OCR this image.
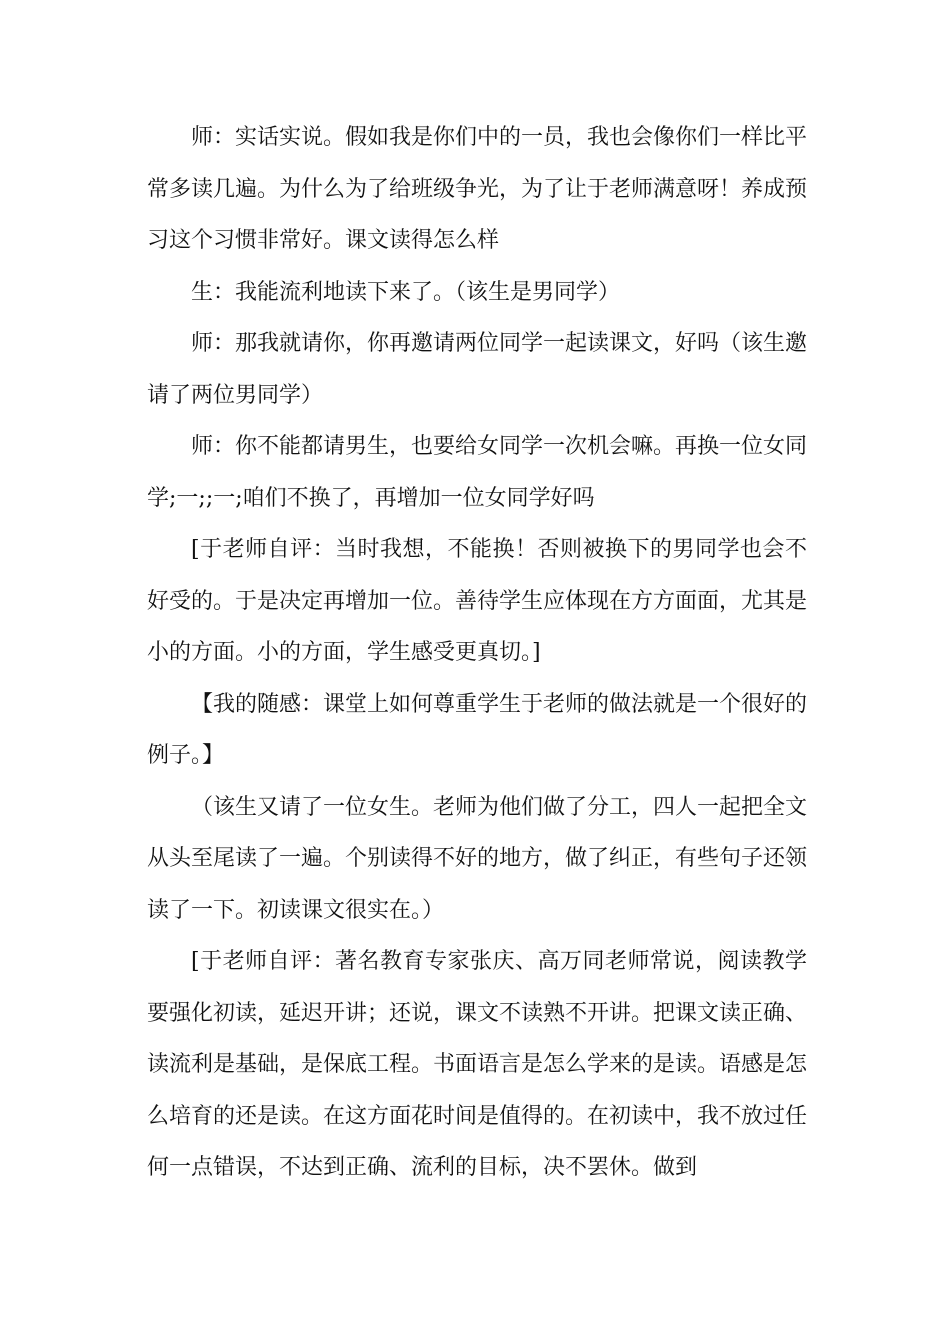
师：实话实说。假如我是你们中的一员，我也会像你们一样比平常多读几遍。为什么为了给班级争光，为了让于老师满意呀！养成预习这个习惯非常好。课文读得怎么样

生：我能流利地读下来了。（该生是男同学）

师：那我就请你，你再邀请两位同学一起读课文，好吗（该生邀请了两位男同学）

师：你不能都请男生，也要给女同学一次机会嘛。再换一位女同学;一;;一;咱们不换了，再增加一位女同学好吗

[于老师自评：当时我想，不能换！否则被换下的男同学也会不好受的。于是决定再增加一位。善待学生应体现在方方面面，尤其是小的方面。小的方面，学生感受更真切。]

【我的随感：课堂上如何尊重学生于老师的做法就是一个很好的例子。】

（该生又请了一位女生。老师为他们做了分工，四人一起把全文从头至尾读了一遍。个别读得不好的地方，做了纠正，有些句子还领读了一下。初读课文很实在。）

[于老师自评：著名教育专家张庆、高万同老师常说，阅读教学要强化初读，延迟开讲；还说，课文不读熟不开讲。把课文读正确、读流利是基础，是保底工程。书面语言是怎么学来的是读。语感是怎么培育的还是读。在这方面花时间是值得的。在初读中，我不放过任何一点错误，不达到正确、流利的目标，决不罢休。做到
